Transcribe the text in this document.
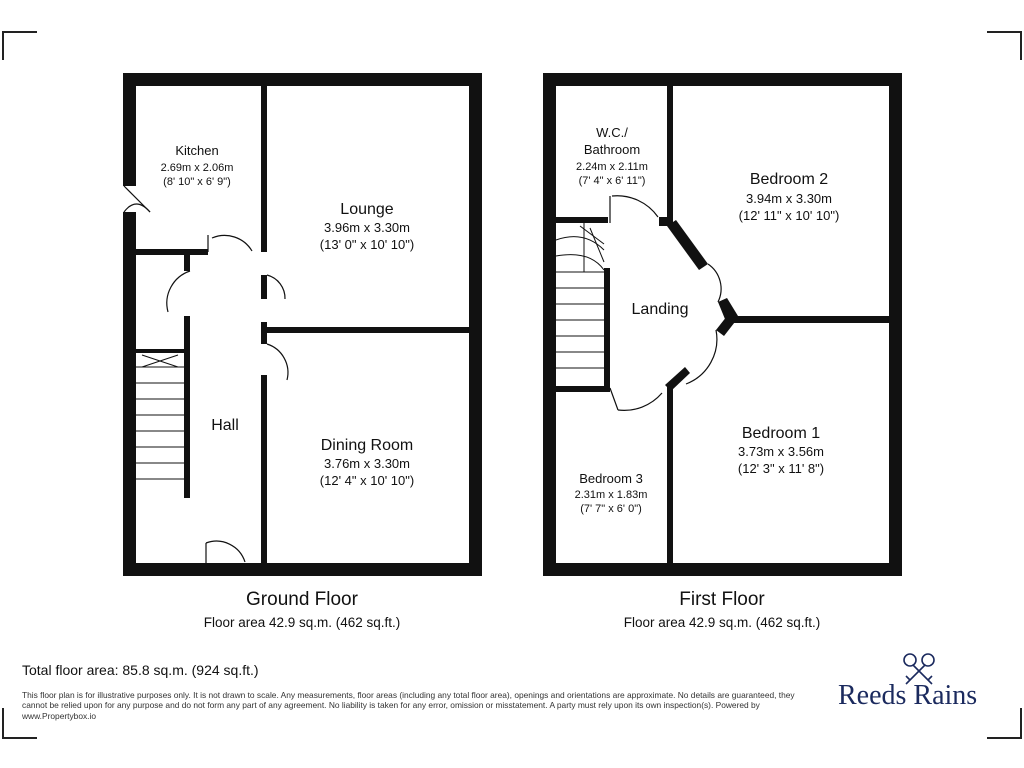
Kitchen
2.69m x 2.06m
(8' 10" x 6' 9")
Lounge
3.96m x 3.30m
(13' 0" x 10' 10")
Hall
Dining Room
3.76m x 3.30m
(12' 4" x 10' 10")
W.C./
Bathroom
2.24m x 2.11m
(7' 4" x 6' 11")	Bedroom 2
3.94m x 3.30m
(12' 11" x 10' 10")
Landing
Bedroom 1
3.73m x 3.56m
(12' 3" x 11' 8")
Bedroom 3
2.31m x 1.83m
(7' 7" x 6' 0")
Ground Floor
Floor area 42.9 sq.m. (462 sq.ft.)
First Floor
Floor area 42.9 sq.m. (462 sq.ft.)
Total floor area: 85.8 sq.m. (924 sq.ft.)
This floor plan is for illustrative purposes only. It is not drawn to scale. Any measurements, floor areas (including any total floor area), openings and orientations are approximate. No details are guaranteed, they cannot be relied upon for any purpose and do not form any part of any agreement. No liability is taken for any error, omission or misstatement. A party must rely upon its own inspection(s). Powered by www.Propertybox.io
Reeds Rains
